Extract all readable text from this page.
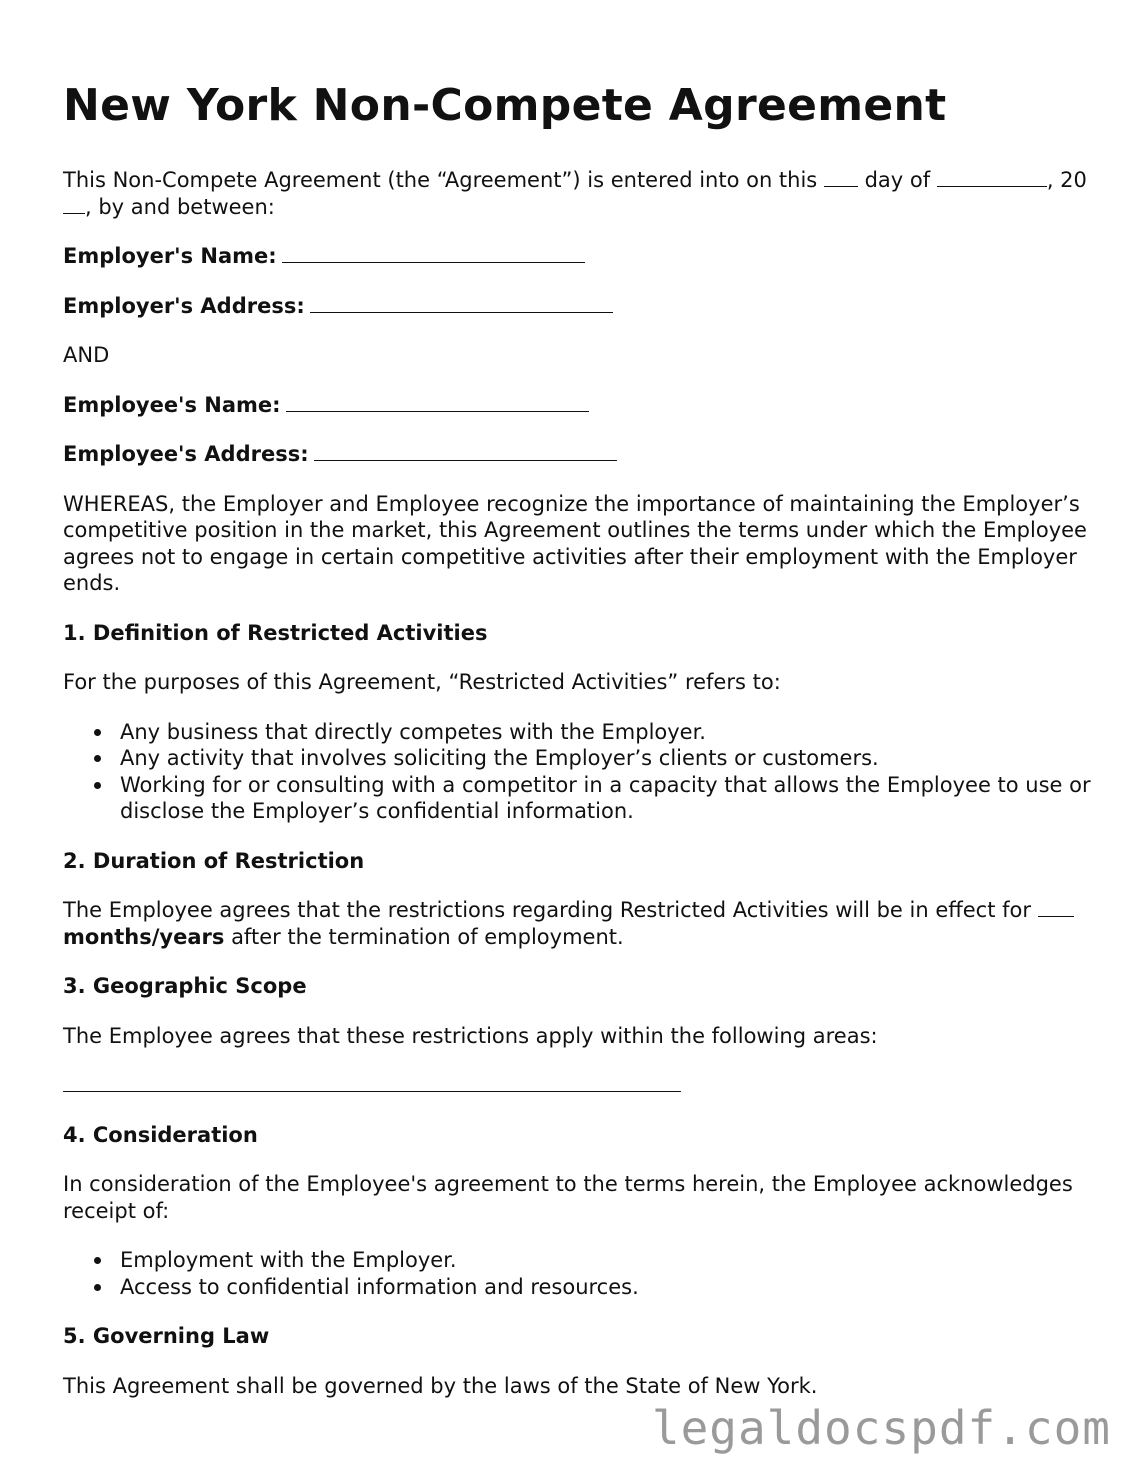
New York Non-Compete Agreement

This Non-Compete Agreement (the “Agreement”) is entered into on this  day of	, 20, by and between:

Employer's Name:

Employer's Address:

AND

Employee's Name:

Employee's Address:

WHEREAS, the Employer and Employee recognize the importance of maintaining the Employer’s competitive position in the market, this Agreement outlines the terms under which the Employee agrees not to engage in certain competitive activities after their employment with the Employer ends.

1. Definition of Restricted Activities

For the purposes of this Agreement, “Restricted Activities” refers to:

Any business that directly competes with the Employer.
Any activity that involves soliciting the Employer’s clients or customers.
Working for or consulting with a competitor in a capacity that allows the Employee to use or disclose the Employer’s confidential information.
2. Duration of Restriction

The Employee agrees that the restrictions regarding Restricted Activities will be in effect for  months/years after the termination of employment.

3. Geographic Scope

The Employee agrees that these restrictions apply within the following areas:

4. Consideration

In consideration of the Employee's agreement to the terms herein, the Employee acknowledges receipt of:

Employment with the Employer.
Access to confidential information and resources.
5. Governing Law

This Agreement shall be governed by the laws of the State of New York.

legaldocspdf.com
